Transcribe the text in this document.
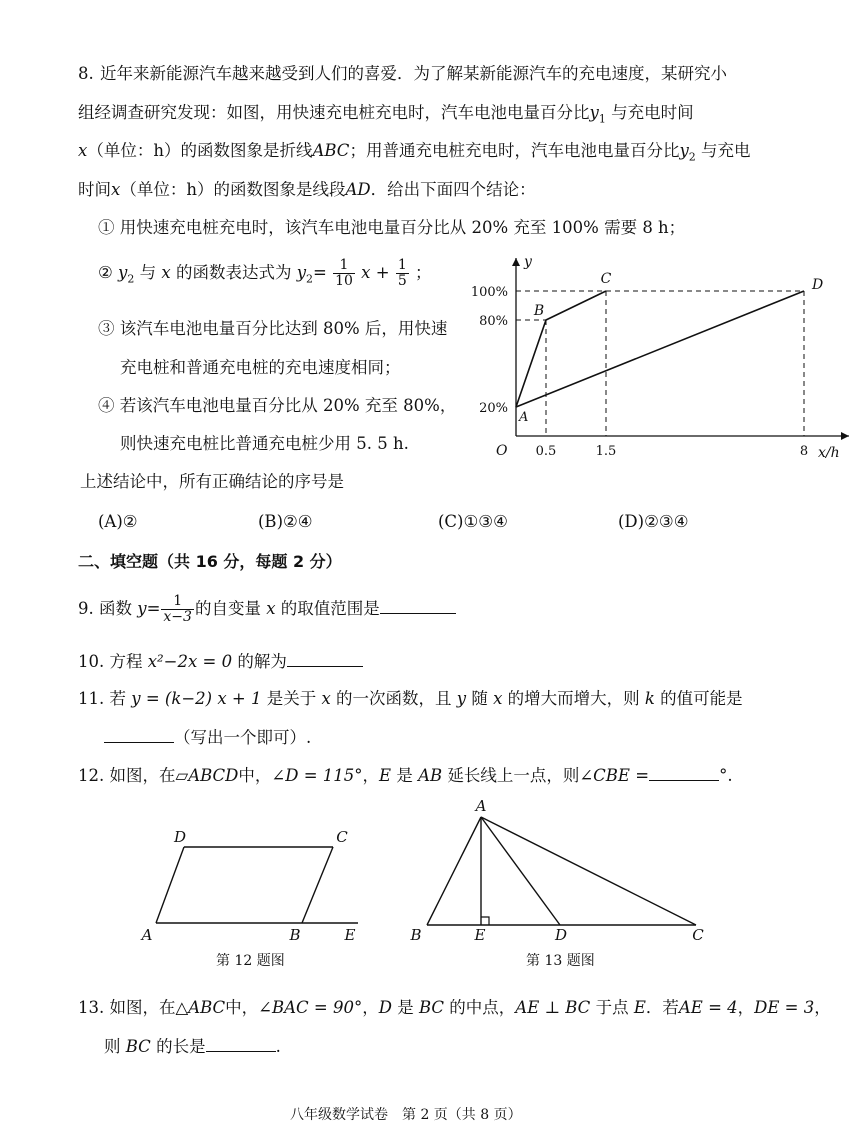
8. 近年来新能源汽车越来越受到人们的喜爱．为了解某新能源汽车的充电速度，某研究小
组经调查研究发现：如图，用快速充电桩充电时，汽车电池电量百分比$y_1$ 与充电时间
x（单位：h）的函数图象是折线ABC；用普通充电桩充电时，汽车电池电量百分比$y_2$ 与充电
时间x（单位：h）的函数图象是线段AD．给出下面四个结论：
① 用快速充电桩充电时，该汽车电池电量百分比从 20% 充至 100% 需要 8 h；
② $y_2$ 与 x 的函数表达式为 $y_2= \frac{1}{10}$ $x + \frac{1}{5}$ ；
③ 该汽车电池电量百分比达到 80% 后，用快速
充电桩和普通充电桩的充电速度相同；
④ 若该汽车电池电量百分比从 20% 充至 80%，
则快速充电桩比普通充电桩少用 5. 5 h.
上述结论中，所有正确结论的序号是
(A)②	(B)②④	(C)①③④	(D)②③④
y
x/h
O
100%
80%
20%
0.5	1.5	8
A
B
C	D
二、填空题（共 16 分，每题 2 分）
9. 函数 $y= \frac{1}{x-3}$ 的自变量 x 的取值范围是
10. 方程 x²−2x = 0 的解为
11. 若 y = (k−2) x + 1 是关于 x 的一次函数，且 y 随 x 的增大而增大，则 k 的值可能是
（写出一个即可）.
12. 如图，在▱ABCD中，∠D = 115°，E 是 AB 延长线上一点，则∠CBE =	°.
D	C
A	B	E
第 12 题图
A
B	E	D	C
第 13 题图
13. 如图，在△ABC中，∠BAC = 90°，D 是 BC 的中点，AE ⊥ BC 于点 E．若AE = 4，DE = 3，
则 BC 的长是	.
八年级数学试卷　第 2 页（共 8 页）
